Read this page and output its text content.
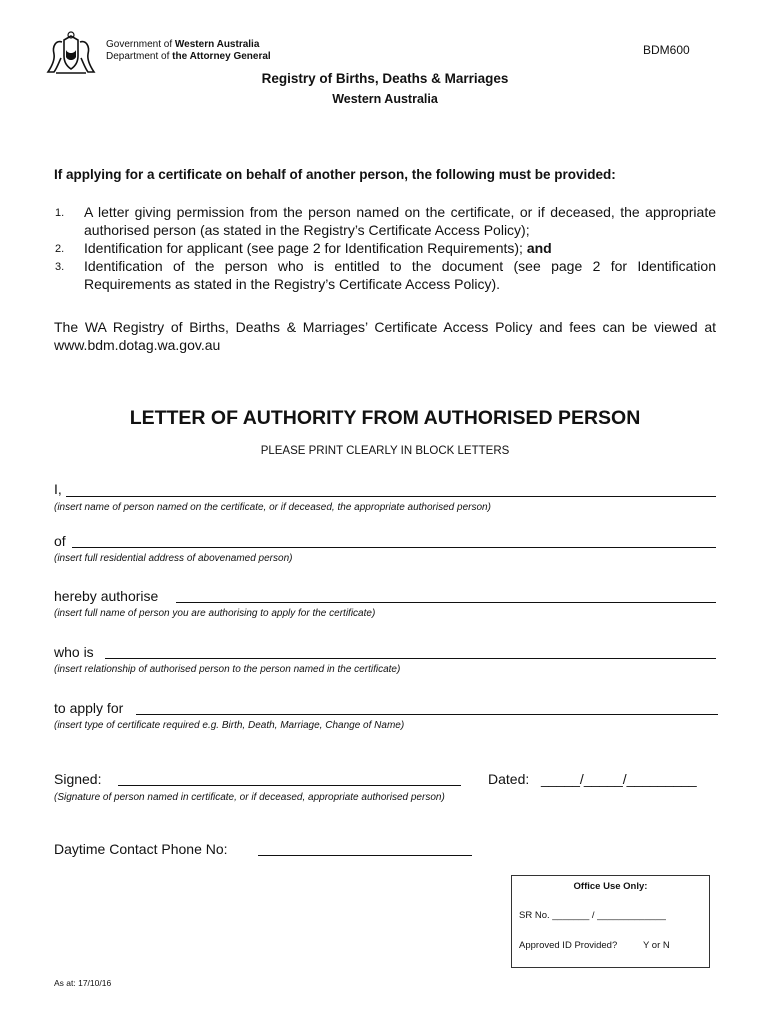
Government of Western Australia
Department of the Attorney General	BDM600
Registry of Births, Deaths & Marriages
Western Australia
If applying for a certificate on behalf of another person, the following must be provided:
1. A letter giving permission from the person named on the certificate, or if deceased, the appropriate authorised person (as stated in the Registry’s Certificate Access Policy);
2. Identification for applicant (see page 2 for Identification Requirements); and
3. Identification of the person who is entitled to the document (see page 2 for Identification Requirements as stated in the Registry’s Certificate Access Policy).
The WA Registry of Births, Deaths & Marriages’ Certificate Access Policy and fees can be viewed at www.bdm.dotag.wa.gov.au
LETTER OF AUTHORITY FROM AUTHORISED PERSON
PLEASE PRINT CLEARLY IN BLOCK LETTERS
I,
(insert name of person named on the certificate, or if deceased, the appropriate authorised person)
of
(insert full residential address of abovenamed person)
hereby authorise
(insert full name of person you are authorising to apply for the certificate)
who is
(insert relationship of authorised person to the person named in the certificate)
to apply for
(insert type of certificate required e.g. Birth, Death, Marriage, Change of Name)
Signed:	Dated: _____/_____/_________
(Signature of person named in certificate, or if deceased, appropriate authorised person)
Daytime Contact Phone No:
Office Use Only:
SR No. _______ / _____________
Approved ID Provided?	Y or N
As at: 17/10/16
